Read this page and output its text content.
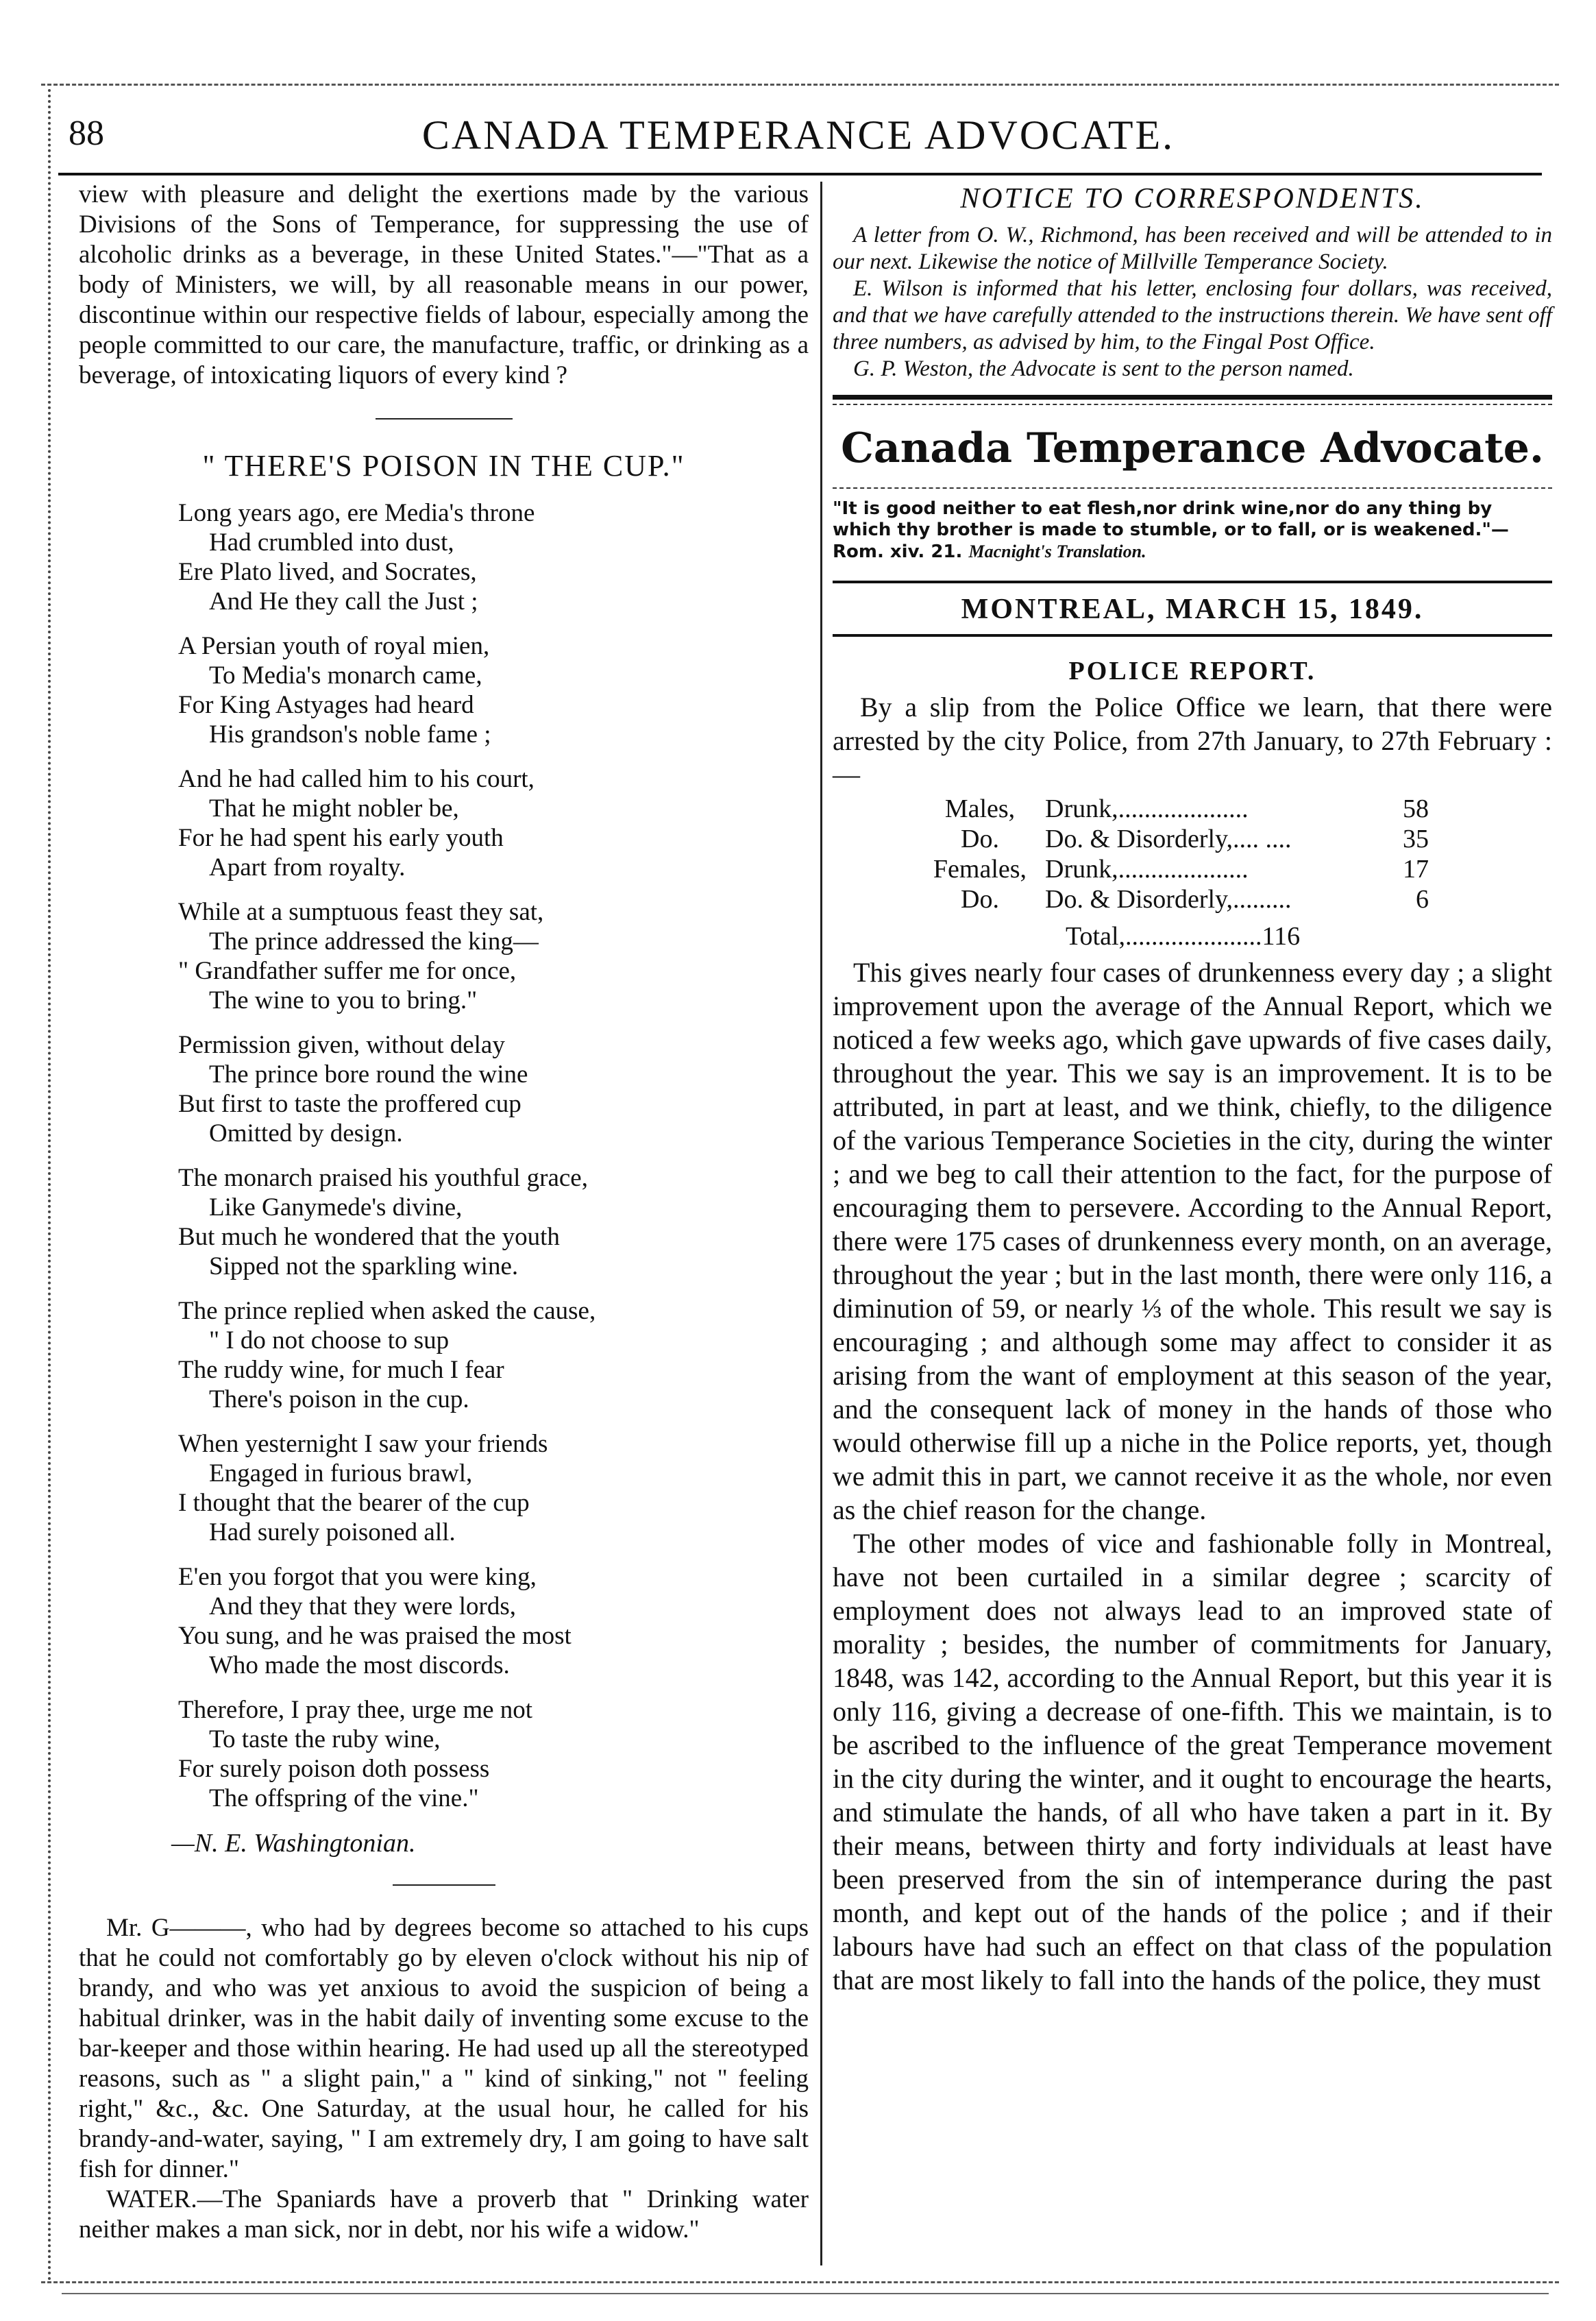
88	CANADA TEMPERANCE ADVOCATE.

view with pleasure and delight the exertions made by the various Divisions of the Sons of Temperance, for suppressing the use of alcoholic drinks as a beverage, in these United States."—"That as a body of Ministers, we will, by all reasonable means in our power, discontinue within our respective fields of labour, especially among the people committed to our care, the manufacture, traffic, or drinking as a beverage, of intoxicating liquors of every kind ?

" THERE'S POISON IN THE CUP."
Long years ago, ere Media's throne
Had crumbled into dust,
Ere Plato lived, and Socrates,
And He they call the Just ;
A Persian youth of royal mien,
To Media's monarch came,
For King Astyages had heard
His grandson's noble fame ;
And he had called him to his court,
That he might nobler be,
For he had spent his early youth
Apart from royalty.
While at a sumptuous feast they sat,
The prince addressed the king—
" Grandfather suffer me for once,
The wine to you to bring."
Permission given, without delay
The prince bore round the wine
But first to taste the proffered cup
Omitted by design.
The monarch praised his youthful grace,
Like Ganymede's divine,
But much he wondered that the youth
Sipped not the sparkling wine.
The prince replied when asked the cause,
" I do not choose to sup
The ruddy wine, for much I fear
There's poison in the cup.
When yesternight I saw your friends
Engaged in furious brawl,
I thought that the bearer of the cup
Had surely poisoned all.
E'en you forgot that you were king,
And they that they were lords,
You sung, and he was praised the most
Who made the most discords.
Therefore, I pray thee, urge me not
To taste the ruby wine,
For surely poison doth possess
The offspring of the vine."
—N. E. Washingtonian.

Mr. G———, who had by degrees become so attached to his cups that he could not comfortably go by eleven o'clock without his nip of brandy, and who was yet anxious to avoid the suspicion of being a habitual drinker, was in the habit daily of inventing some excuse to the bar-keeper and those within hearing. He had used up all the stereotyped reasons, such as " a slight pain," a " kind of sinking," not " feeling right," &c., &c. One Saturday, at the usual hour, he called for his brandy-and-water, saying, " I am extremely dry, I am going to have salt fish for dinner."

WATER.—The Spaniards have a proverb that " Drinking water neither makes a man sick, nor in debt, nor his wife a widow."

NOTICE TO CORRESPONDENTS.

A letter from O. W., Richmond, has been received and will be attended to in our next. Likewise the notice of Millville Temperance Society.

E. Wilson is informed that his letter, enclosing four dollars, was received, and that we have carefully attended to the instructions therein. We have sent off three numbers, as advised by him, to the Fingal Post Office.

G. P. Weston, the Advocate is sent to the person named.

Canada Temperance Advocate.
"It is good neither to eat flesh,nor drink wine,nor do any thing by which thy brother is made to stumble, or to fall, or is weakened."—Rom. xiv. 21. Macnight's Translation.
MONTREAL, MARCH 15, 1849.
POLICE REPORT.

By a slip from the Police Office we learn, that there were arrested by the city Police, from 27th January, to 27th February :—

Males,	Drunk,....................	58
Do.	Do. & Disorderly,.... ....	35
Females, Drunk,....................	17
Do.	Do. & Disorderly,.........	6
Total,.....................116

This gives nearly four cases of drunkenness every day ; a slight improvement upon the average of the Annual Report, which we noticed a few weeks ago, which gave upwards of five cases daily, throughout the year. This we say is an improvement. It is to be attributed, in part at least, and we think, chiefly, to the diligence of the various Temperance Societies in the city, during the winter ; and we beg to call their attention to the fact, for the purpose of encouraging them to persevere. According to the Annual Report, there were 175 cases of drunkenness every month, on an average, throughout the year ; but in the last month, there were only 116, a diminution of 59, or nearly ⅓ of the whole. This result we say is encouraging ; and although some may affect to consider it as arising from the want of employment at this season of the year, and the consequent lack of money in the hands of those who would otherwise fill up a niche in the Police reports, yet, though we admit this in part, we cannot receive it as the whole, nor even as the chief reason for the change.

The other modes of vice and fashionable folly in Montreal, have not been curtailed in a similar degree ; scarcity of employment does not always lead to an improved state of morality ; besides, the number of commitments for January, 1848, was 142, according to the Annual Report, but this year it is only 116, giving a decrease of one-fifth. This we maintain, is to be ascribed to the influence of the great Temperance movement in the city during the winter, and it ought to encourage the hearts, and stimulate the hands, of all who have taken a part in it. By their means, between thirty and forty individuals at least have been preserved from the sin of intemperance during the past month, and kept out of the hands of the police ; and if their labours have had such an effect on that class of the population that are most likely to fall into the hands of the police, they must
